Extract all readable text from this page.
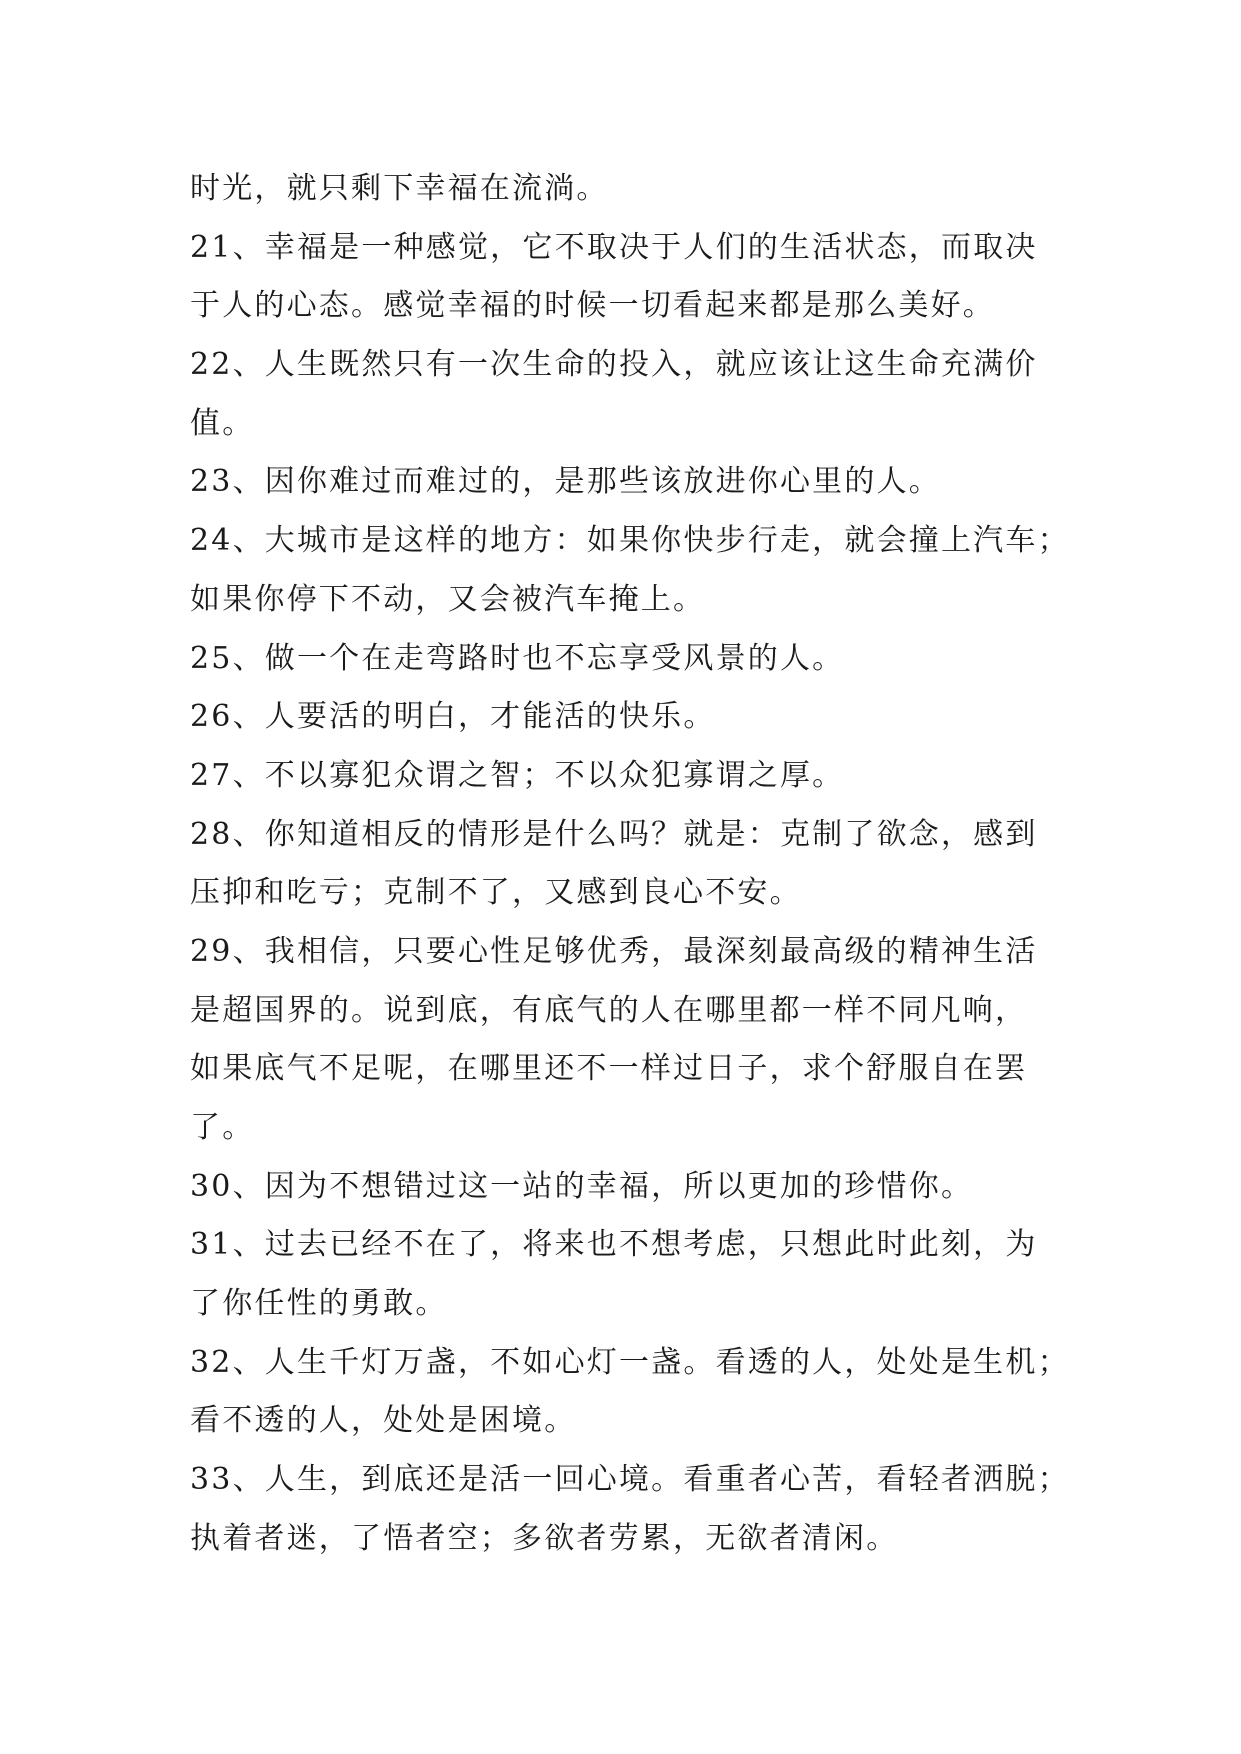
时光，就只剩下幸福在流淌。
21、幸福是一种感觉，它不取决于人们的生活状态，而取决
于人的心态。感觉幸福的时候一切看起来都是那么美好。
22、人生既然只有一次生命的投入，就应该让这生命充满价
值。
23、因你难过而难过的，是那些该放进你心里的人。
24、大城市是这样的地方：如果你快步行走，就会撞上汽车；
如果你停下不动，又会被汽车掩上。
25、做一个在走弯路时也不忘享受风景的人。
26、人要活的明白，才能活的快乐。
27、不以寡犯众谓之智；不以众犯寡谓之厚。
28、你知道相反的情形是什么吗？就是：克制了欲念，感到
压抑和吃亏；克制不了，又感到良心不安。
29、我相信，只要心性足够优秀，最深刻最高级的精神生活
是超国界的。说到底，有底气的人在哪里都一样不同凡响，
如果底气不足呢，在哪里还不一样过日子，求个舒服自在罢
了。
30、因为不想错过这一站的幸福，所以更加的珍惜你。
31、过去已经不在了，将来也不想考虑，只想此时此刻，为
了你任性的勇敢。
32、人生千灯万盏，不如心灯一盏。看透的人，处处是生机；
看不透的人，处处是困境。
33、人生，到底还是活一回心境。看重者心苦，看轻者洒脱；
执着者迷，了悟者空；多欲者劳累，无欲者清闲。
